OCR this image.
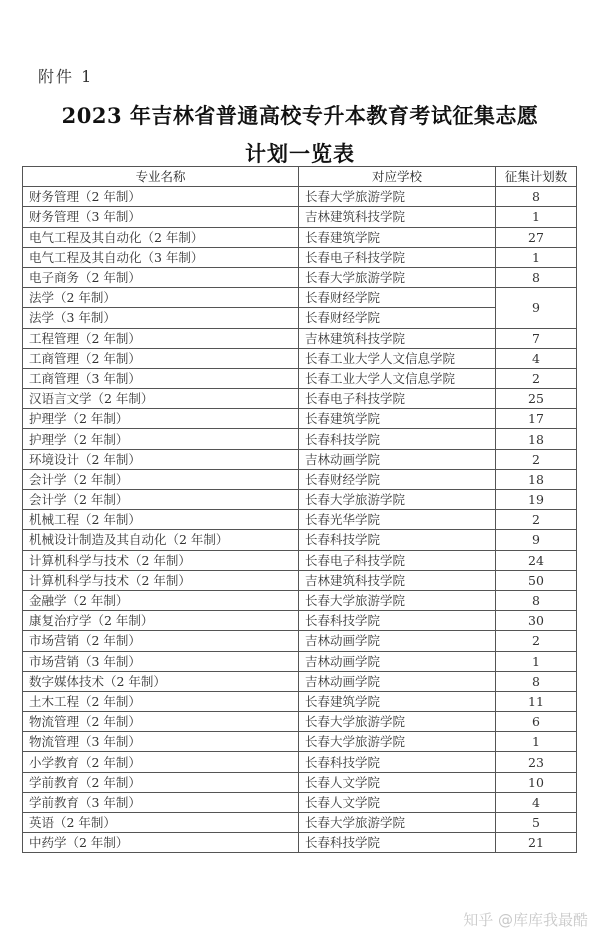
附件 1
2023 年吉林省普通高校专升本教育考试征集志愿
计划一览表
专业名称	对应学校	征集计划数
财务管理（2 年制）	长春大学旅游学院	8
财务管理（3 年制）	吉林建筑科技学院	1
电气工程及其自动化（2 年制）	长春建筑学院	27
电气工程及其自动化（3 年制）	长春电子科技学院	1
电子商务（2 年制）	长春大学旅游学院	8
法学（2 年制）	长春财经学院	9
法学（3 年制）	长春财经学院	
工程管理（2 年制）	吉林建筑科技学院	7
工商管理（2 年制）	长春工业大学人文信息学院	4
工商管理（3 年制）	长春工业大学人文信息学院	2
汉语言文学（2 年制）	长春电子科技学院	25
护理学（2 年制）	长春建筑学院	17
护理学（2 年制）	长春科技学院	18
环境设计（2 年制）	吉林动画学院	2
会计学（2 年制）	长春财经学院	18
会计学（2 年制）	长春大学旅游学院	19
机械工程（2 年制）	长春光华学院	2
机械设计制造及其自动化（2 年制）	长春科技学院	9
计算机科学与技术（2 年制）	长春电子科技学院	24
计算机科学与技术（2 年制）	吉林建筑科技学院	50
金融学（2 年制）	长春大学旅游学院	8
康复治疗学（2 年制）	长春科技学院	30
市场营销（2 年制）	吉林动画学院	2
市场营销（3 年制）	吉林动画学院	1
数字媒体技术（2 年制）	吉林动画学院	8
土木工程（2 年制）	长春建筑学院	11
物流管理（2 年制）	长春大学旅游学院	6
物流管理（3 年制）	长春大学旅游学院	1
小学教育（2 年制）	长春科技学院	23
学前教育（2 年制）	长春人文学院	10
学前教育（3 年制）	长春人文学院	4
英语（2 年制）	长春大学旅游学院	5
中药学（2 年制）	长春科技学院	21
知乎 @库库我最酷
